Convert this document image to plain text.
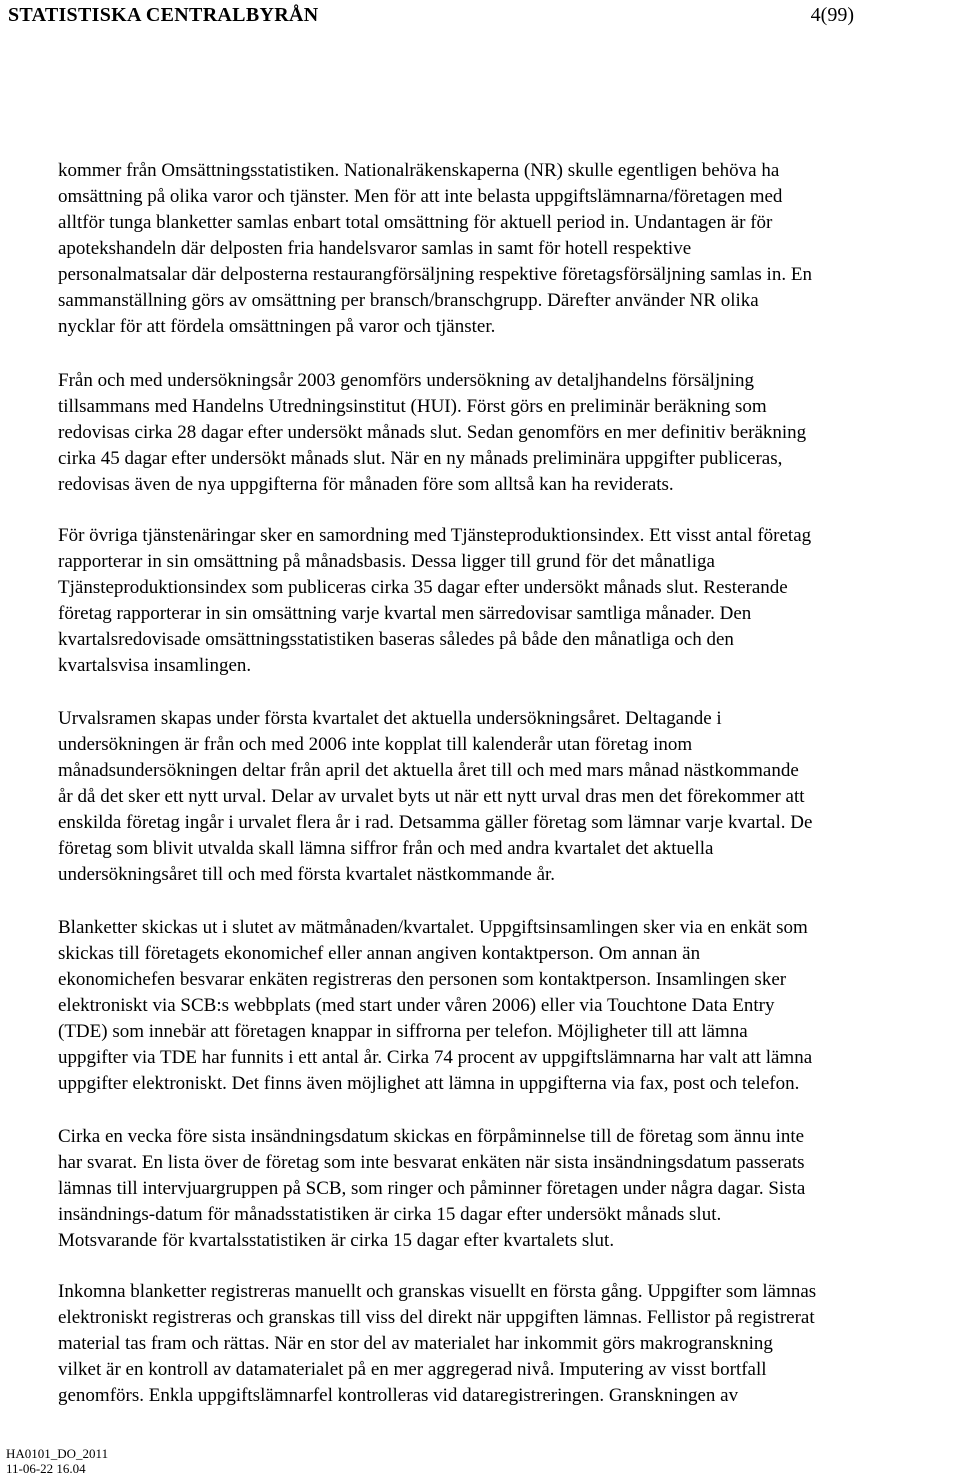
STATISTISKA CENTRALBYRÅN	4(99)

kommer från Omsättningsstatistiken. Nationalräkenskaperna (NR) skulle egentligen behöva ha
omsättning på olika varor och tjänster. Men för att inte belasta uppgiftslämnarna/företagen med
alltför tunga blanketter samlas enbart total omsättning för aktuell period in. Undantagen är för
apotekshandeln där delposten fria handelsvaror samlas in samt för hotell respektive
personalmatsalar där delposterna restaurangförsäljning respektive företagsförsäljning samlas in. En
sammanställning görs av omsättning per bransch/branschgrupp. Därefter använder NR olika
nycklar för att fördela omsättningen på varor och tjänster.

Från och med undersökningsår 2003 genomförs undersökning av detaljhandelns försäljning
tillsammans med Handelns Utredningsinstitut (HUI). Först görs en preliminär beräkning som
redovisas cirka 28 dagar efter undersökt månads slut. Sedan genomförs en mer definitiv beräkning
cirka 45 dagar efter undersökt månads slut. När en ny månads preliminära uppgifter publiceras,
redovisas även de nya uppgifterna för månaden före som alltså kan ha reviderats.

För övriga tjänstenäringar sker en samordning med Tjänsteproduktionsindex. Ett visst antal företag
rapporterar in sin omsättning på månadsbasis. Dessa ligger till grund för det månatliga
Tjänsteproduktionsindex som publiceras cirka 35 dagar efter undersökt månads slut. Resterande
företag rapporterar in sin omsättning varje kvartal men särredovisar samtliga månader. Den
kvartalsredovisade omsättningsstatistiken baseras således på både den månatliga och den
kvartalsvisa insamlingen.

Urvalsramen skapas under första kvartalet det aktuella undersökningsåret. Deltagande i
undersökningen är från och med 2006 inte kopplat till kalenderår utan företag inom
månadsundersökningen deltar från april det aktuella året till och med mars månad nästkommande
år då det sker ett nytt urval. Delar av urvalet byts ut när ett nytt urval dras men det förekommer att
enskilda företag ingår i urvalet flera år i rad. Detsamma gäller företag som lämnar varje kvartal. De
företag som blivit utvalda skall lämna siffror från och med andra kvartalet det aktuella
undersökningsåret till och med första kvartalet nästkommande år.

Blanketter skickas ut i slutet av mätmånaden/kvartalet. Uppgiftsinsamlingen sker via en enkät som
skickas till företagets ekonomichef eller annan angiven kontaktperson. Om annan än
ekonomichefen besvarar enkäten registreras den personen som kontaktperson. Insamlingen sker
elektroniskt via SCB:s webbplats (med start under våren 2006) eller via Touchtone Data Entry
(TDE) som innebär att företagen knappar in siffrorna per telefon. Möjligheter till att lämna
uppgifter via TDE har funnits i ett antal år. Cirka 74 procent av uppgiftslämnarna har valt att lämna
uppgifter elektroniskt. Det finns även möjlighet att lämna in uppgifterna via fax, post och telefon.

Cirka en vecka före sista insändningsdatum skickas en förpåminnelse till de företag som ännu inte
har svarat. En lista över de företag som inte besvarat enkäten när sista insändningsdatum passerats
lämnas till intervjuargruppen på SCB, som ringer och påminner företagen under några dagar. Sista
insändnings-datum för månadsstatistiken är cirka 15 dagar efter undersökt månads slut.
Motsvarande för kvartalsstatistiken är cirka 15 dagar efter kvartalets slut.

Inkomna blanketter registreras manuellt och granskas visuellt en första gång. Uppgifter som lämnas
elektroniskt registreras och granskas till viss del direkt när uppgiften lämnas. Fellistor på registrerat
material tas fram och rättas. När en stor del av materialet har inkommit görs makrogranskning
vilket är en kontroll av datamaterialet på en mer aggregerad nivå. Imputering av visst bortfall
genomförs. Enkla uppgiftslämnarfel kontrolleras vid dataregistreringen. Granskningen av

HA0101_DO_2011
11-06-22 16.04
